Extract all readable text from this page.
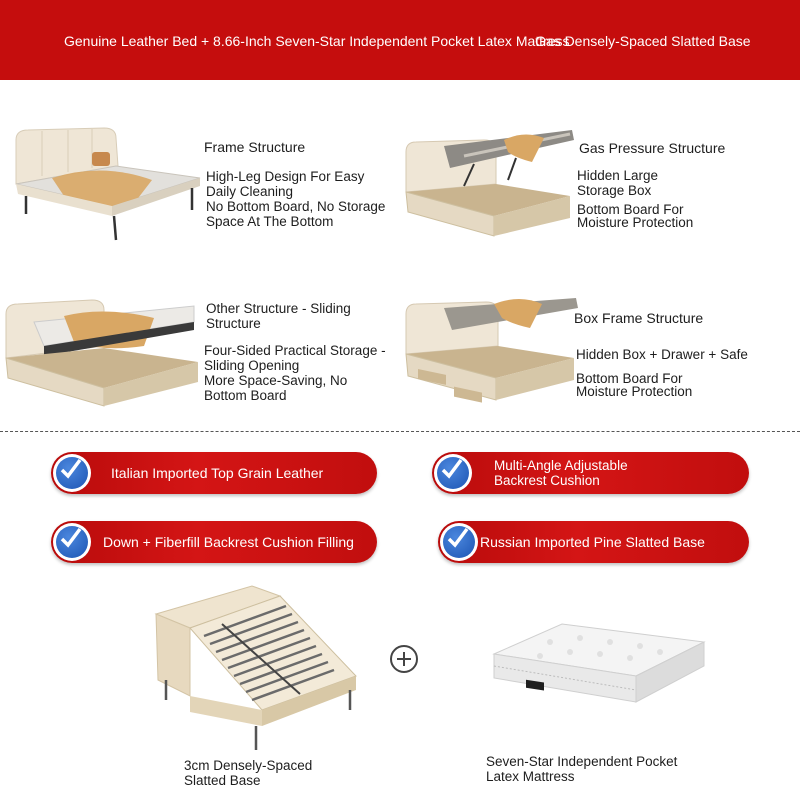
Genuine Leather Bed + 8.66-Inch Seven-Star Independent Pocket Latex Mattress
Gas Densely-Spaced Slatted Base
Frame Structure
High-Leg Design For Easy
Daily Cleaning
No Bottom Board, No Storage
Space At The Bottom
Gas Pressure Structure
Hidden Large
Storage Box
Bottom Board For
Moisture Protection
Other Structure - Sliding
Structure
Four-Sided Practical Storage -
Sliding Opening
More Space-Saving, No
Bottom Board
Box Frame Structure
Hidden Box + Drawer + Safe
Bottom Board For
Moisture Protection
Italian Imported Top Grain Leather	Multi-Angle Adjustable
Backrest Cushion
Down + Fiberfill Backrest Cushion Filling	Russian Imported Pine Slatted Base
3cm Densely-Spaced
Slatted Base
Seven-Star Independent Pocket
Latex Mattress
